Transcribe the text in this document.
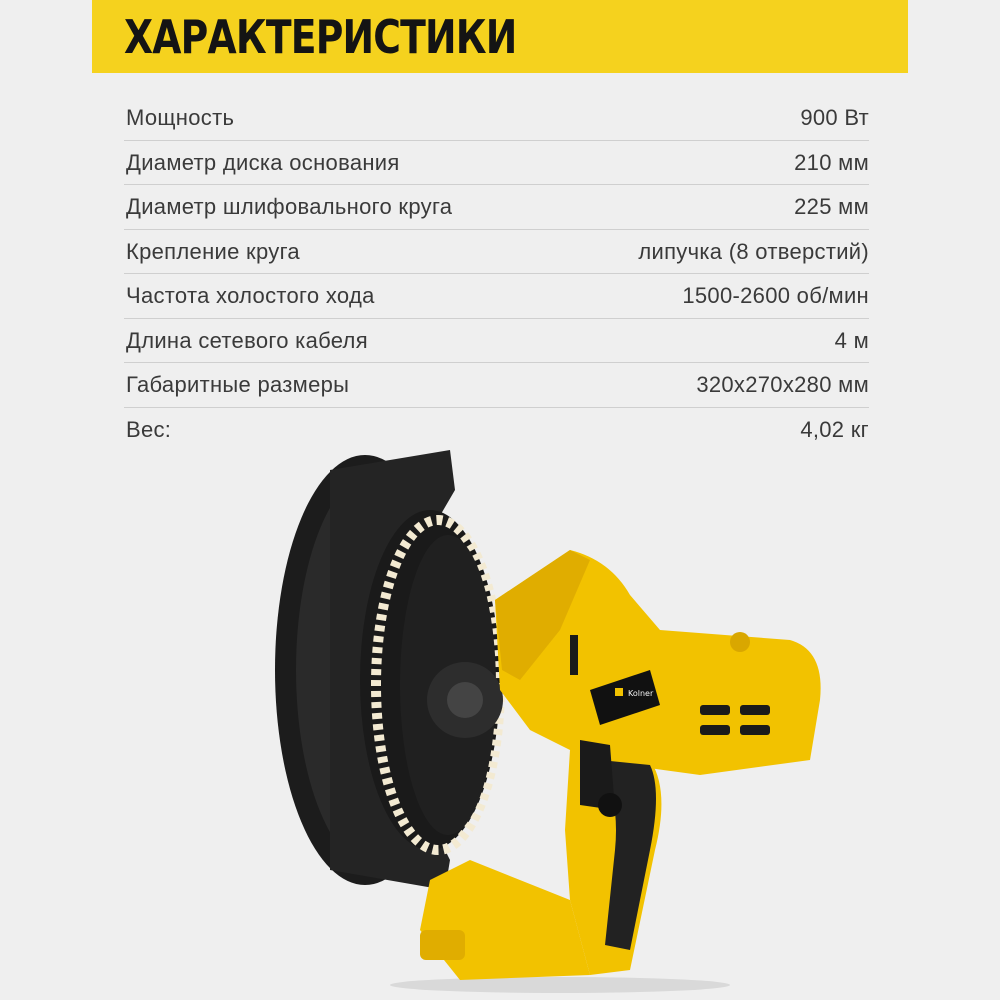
ХАРАКТЕРИСТИКИ
Мощность	900 Вт
Диаметр диска основания	210 мм
Диаметр шлифовального круга	225 мм
Крепление круга	липучка (8 отверстий)
Частота холостого хода	1500-2600 об/мин
Длина сетевого кабеля	4 м
Габаритные размеры	320x270x280 мм
Вес:	4,02 кг
Kolner
